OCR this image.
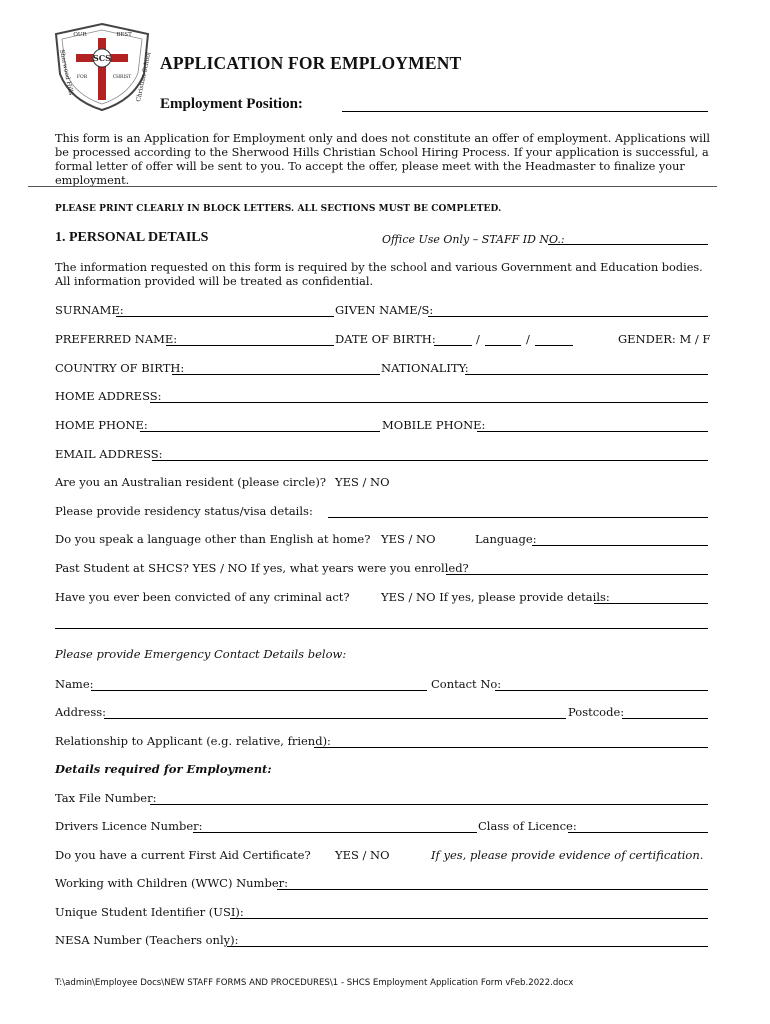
SCS
OUR	BEST
FOR	CHRIST
Sherwood Hills	Christian School APPLICATION FOR EMPLOYMENT
Employment Position:
This form is an Application for Employment only and does not constitute an offer of employment. Applications will be processed according to the Sherwood Hills Christian School Hiring Process. If your application is successful, a formal letter of offer will be sent to you. To accept the offer, please meet with the Headmaster to finalize your employment.
PLEASE PRINT CLEARLY IN BLOCK LETTERS. ALL SECTIONS MUST BE COMPLETED.
1. PERSONAL DETAILS	Office Use Only – STAFF ID NO.:
The information requested on this form is required by the school and various Government and Education bodies. All information provided will be treated as confidential.
SURNAME:	GIVEN NAME/S:
PREFERRED NAME:	DATE OF BIRTH:	/	/	GENDER: M / F
COUNTRY OF BIRTH:	NATIONALITY:
HOME ADDRESS:
HOME PHONE:	MOBILE PHONE:
EMAIL ADDRESS:
Are you an Australian resident (please circle)? YES / NO
Please provide residency status/visa details:
Do you speak a language other than English at home? YES / NO	Language:
Past Student at SHCS? YES / NO If yes, what years were you enrolled?
Have you ever been convicted of any criminal act?	YES / NO If yes, please provide details:
Please provide Emergency Contact Details below:
Name:	Contact No:
Address:	Postcode:
Relationship to Applicant (e.g. relative, friend):
Details required for Employment:
Tax File Number:
Drivers Licence Number:	Class of Licence:
Do you have a current First Aid Certificate? YES / NO	If yes, please provide evidence of certification.
Working with Children (WWC) Number:
Unique Student Identifier (USI):
NESA Number (Teachers only):
T:\admin\Employee Docs\NEW STAFF FORMS AND PROCEDURES\1 - SHCS Employment Application Form vFeb.2022.docx
